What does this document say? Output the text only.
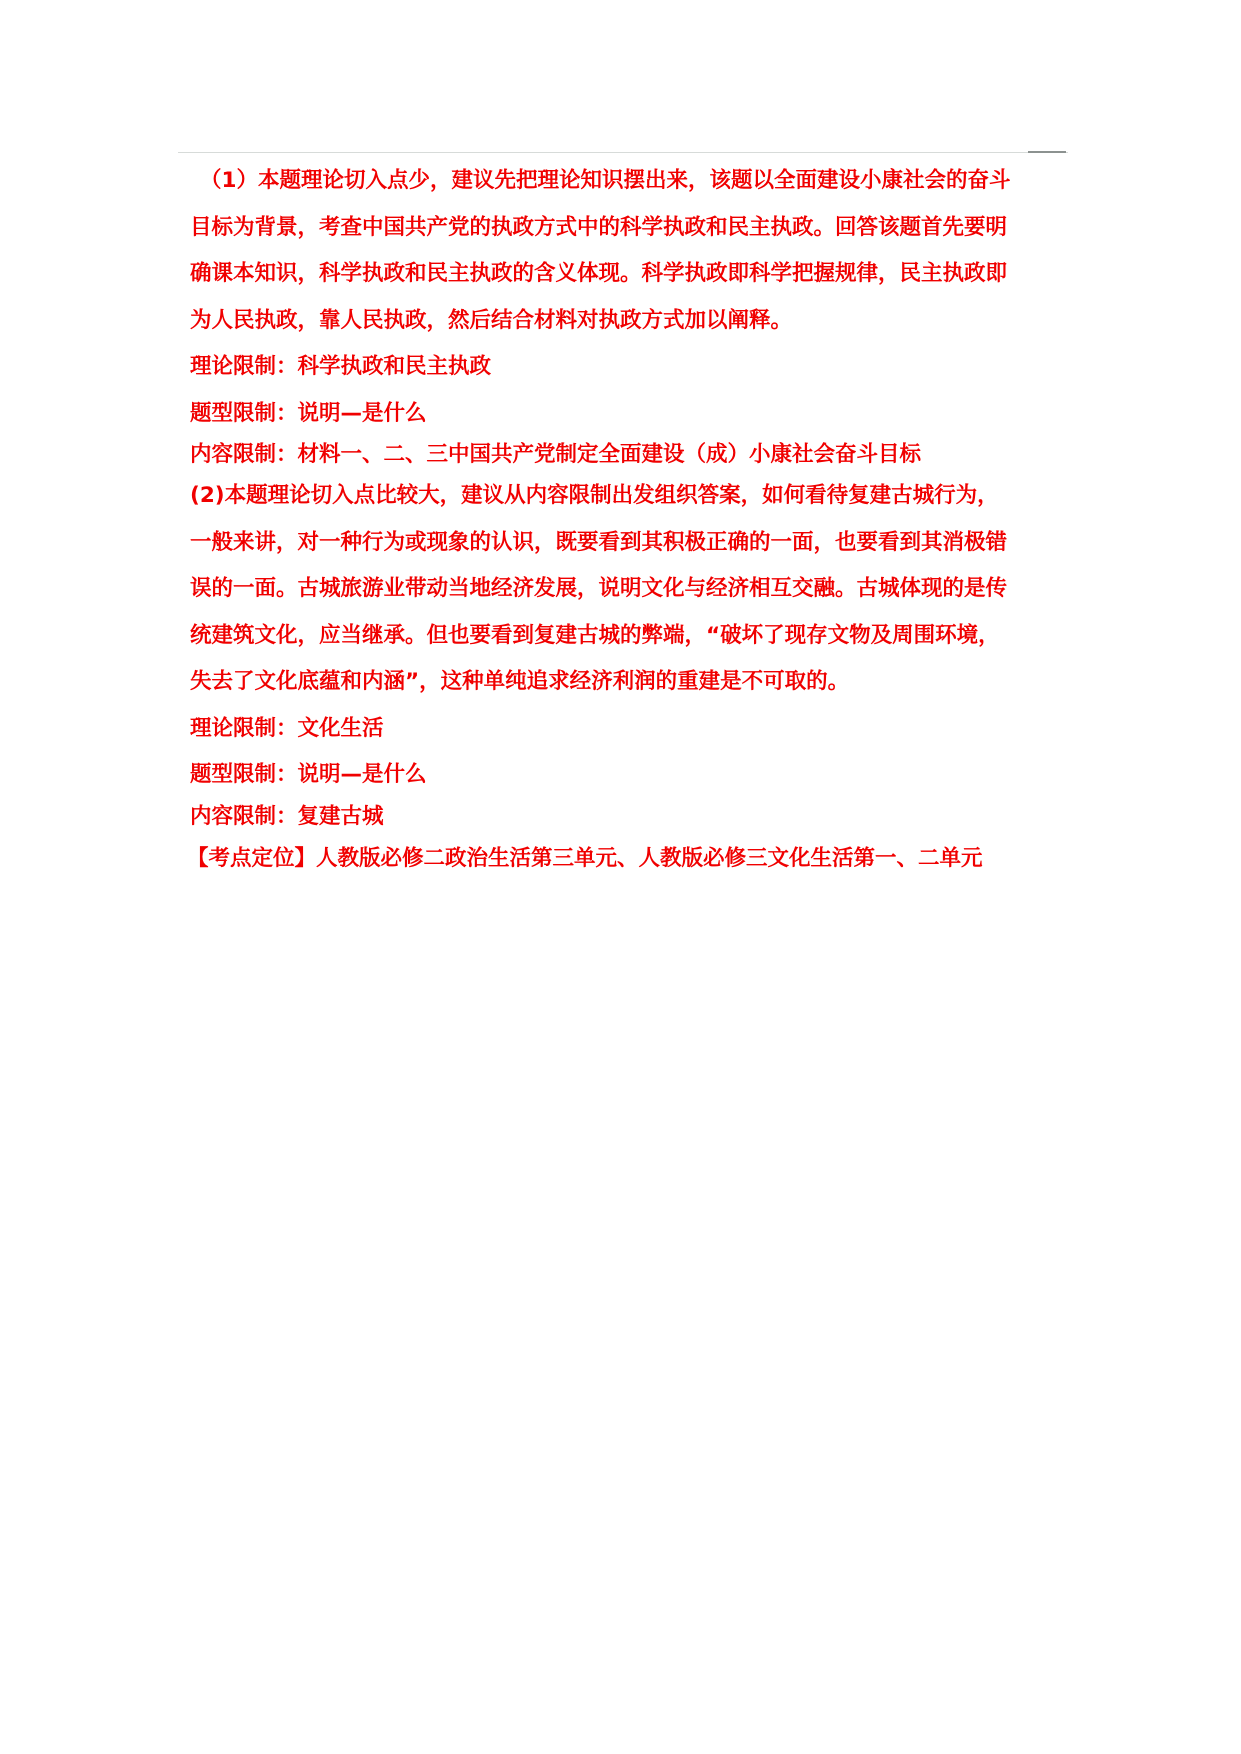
（1）本题理论切入点少，建议先把理论知识摆出来，该题以全面建设小康社会的奋斗目标为背景，考查中国共产党的执政方式中的科学执政和民主执政。回答该题首先要明确课本知识，科学执政和民主执政的含义体现。科学执政即科学把握规律，民主执政即为人民执政，靠人民执政，然后结合材料对执政方式加以阐释。

理论限制：科学执政和民主执政

题型限制：说明—是什么

内容限制：材料一、二、三中国共产党制定全面建设（成）小康社会奋斗目标

(2)本题理论切入点比较大，建议从内容限制出发组织答案，如何看待复建古城行为，一般来讲，对一种行为或现象的认识，既要看到其积极正确的一面，也要看到其消极错误的一面。古城旅游业带动当地经济发展，说明文化与经济相互交融。古城体现的是传统建筑文化，应当继承。但也要看到复建古城的弊端，“破坏了现存文物及周围环境，失去了文化底蕴和内涵”，这种单纯追求经济利润的重建是不可取的。

理论限制：文化生活

题型限制：说明—是什么

内容限制：复建古城

【考点定位】人教版必修二政治生活第三单元、人教版必修三文化生活第一、二单元
